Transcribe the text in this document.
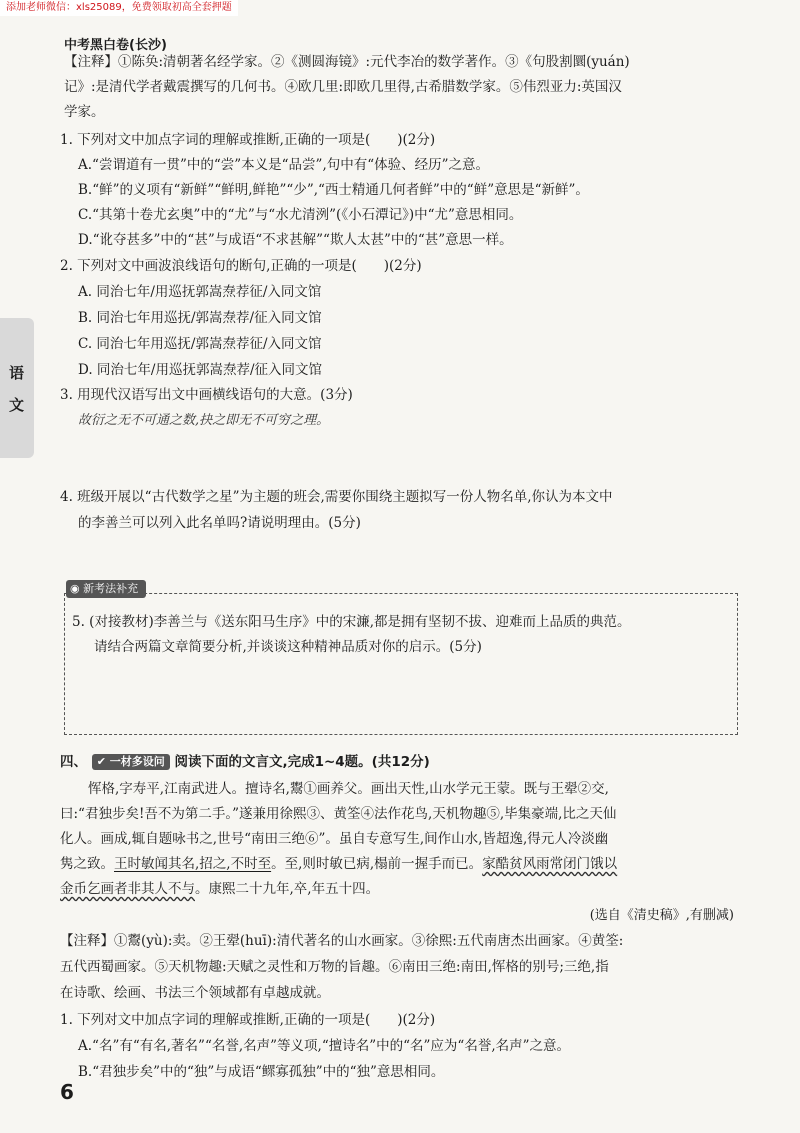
添加老师微信：xls25089，免费领取初高全套押题
中考黑白卷(长沙)
语
文
【注释】①陈奂:清朝著名经学家。②《测圆海镜》:元代李冶的数学著作。③《句股割圜(yuán)
记》:是清代学者戴震撰写的几何书。④欧几里:即欧几里得,古希腊数学家。⑤伟烈亚力:英国汉
学家。
1. 下列对文中加点字词的理解或推断,正确的一项是(　　)(2分)
A.“尝谓道有一贯”中的“尝”本义是“品尝”,句中有“体验、经历”之意。
B.“鲜”的义项有“新鲜”“鲜明,鲜艳”“少”,“西士精通几何者鲜”中的“鲜”意思是“新鲜”。
C.“其第十卷尤玄奥”中的“尤”与“水尤清洌”(《小石潭记》)中“尤”意思相同。
D.“讹夺甚多”中的“甚”与成语“不求甚解”“欺人太甚”中的“甚”意思一样。
2. 下列对文中画波浪线语句的断句,正确的一项是(　　)(2分)
A. 同治七年/用巡抚郭嵩焘荐征/入同文馆
B. 同治七年用巡抚/郭嵩焘荐/征入同文馆
C. 同治七年用巡抚/郭嵩焘荐征/入同文馆
D. 同治七年/用巡抚郭嵩焘荐/征入同文馆
3. 用现代汉语写出文中画横线语句的大意。(3分)
故衍之无不可通之数,抉之即无不可穷之理。
4. 班级开展以“古代数学之星”为主题的班会,需要你围绕主题拟写一份人物名单,你认为本文中
的李善兰可以列入此名单吗?请说明理由。(5分)
◉ 新考法补充
5. (对接教材)李善兰与《送东阳马生序》中的宋濂,都是拥有坚韧不拔、迎难而上品质的典范。
请结合两篇文章简要分析,并谈谈这种精神品质对你的启示。(5分)
四、 ✔ 一材多设问 阅读下面的文言文,完成1~4题。(共12分)
恽格,字寿平,江南武进人。擅诗名,鬻①画养父。画出天性,山水学元王蒙。既与王翚②交,
曰:“君独步矣!吾不为第二手。”遂兼用徐熙③、黄筌④法作花鸟,天机物趣⑤,毕集豪端,比之天仙
化人。画成,辄自题咏书之,世号“南田三绝⑥”。虽自专意写生,间作山水,皆超逸,得元人冷淡幽
隽之致。王时敏闻其名,招之,不时至。至,则时敏已病,榻前一握手而已。家酷贫风雨常闭门饿以
金币乞画者非其人不与。康熙二十九年,卒,年五十四。
(选自《清史稿》,有删减)
【注释】①鬻(yù):卖。②王翚(huī):清代著名的山水画家。③徐熙:五代南唐杰出画家。④黄筌:
五代西蜀画家。⑤天机物趣:天赋之灵性和万物的旨趣。⑥南田三绝:南田,恽格的别号;三绝,指
在诗歌、绘画、书法三个领域都有卓越成就。
1. 下列对文中加点字词的理解或推断,正确的一项是(　　)(2分)
A.“名”有“有名,著名”“名誉,名声”等义项,“擅诗名”中的“名”应为“名誉,名声”之意。
B.“君独步矣”中的“独”与成语“鳏寡孤独”中的“独”意思相同。
6
